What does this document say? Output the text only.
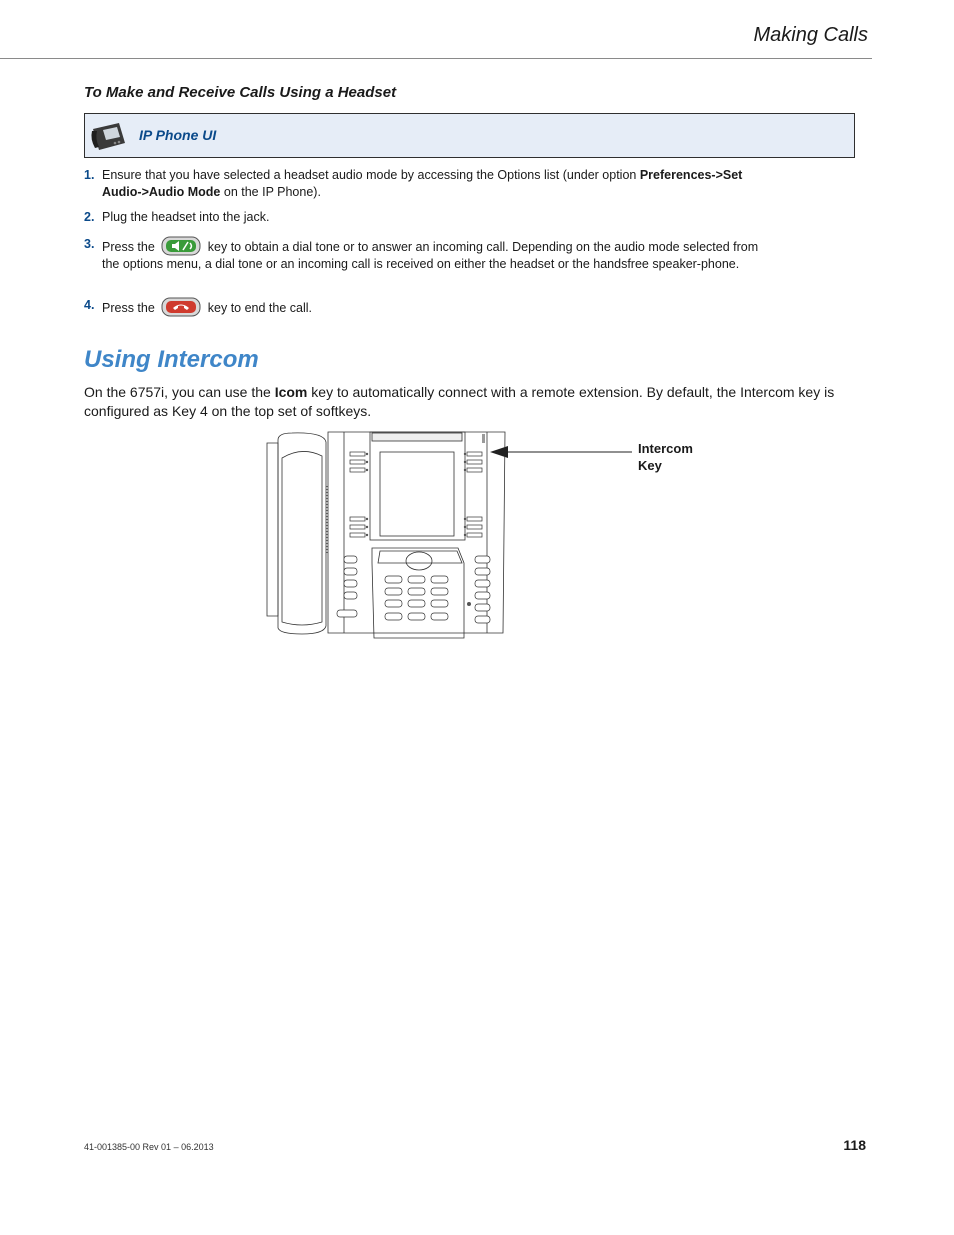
Making Calls
To Make and Receive Calls Using a Headset
IP Phone UI
1. Ensure that you have selected a headset audio mode by accessing the Options list (under option Preferences->Set
Audio->Audio Mode on the IP Phone).
2. Plug the headset into the jack.
3. Press the	key to obtain a dial tone or to answer an incoming call. Depending on the audio mode selected from the options menu, a dial tone or an incoming call is received on either the headset or the handsfree speaker-phone.
4. Press the	key to end the call.
Using Intercom
On the 6757i, you can use the Icom key to automatically connect with a remote extension. By default, the Intercom key is configured as Key 4 on the top set of softkeys.
Intercom
Key
41-001385-00 Rev 01 – 06.2013	118
